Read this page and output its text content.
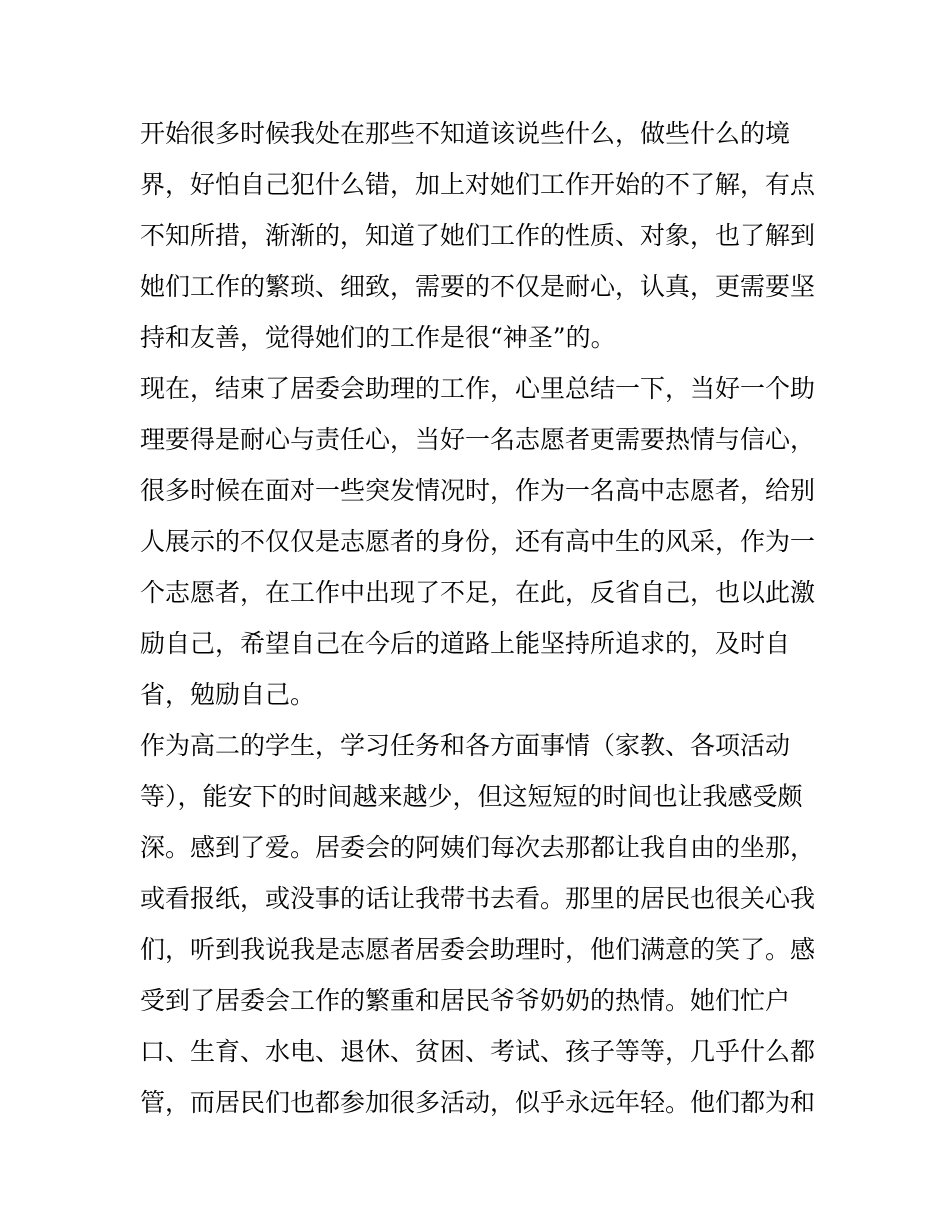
开始很多时候我处在那些不知道该说些什么，做些什么的境
界，好怕自己犯什么错，加上对她们工作开始的不了解，有点
不知所措，渐渐的，知道了她们工作的性质、对象，也了解到
她们工作的繁琐、细致，需要的不仅是耐心，认真，更需要坚
持和友善，觉得她们的工作是很“神圣”的。
现在，结束了居委会助理的工作，心里总结一下，当好一个助
理要得是耐心与责任心，当好一名志愿者更需要热情与信心，
很多时候在面对一些突发情况时，作为一名高中志愿者，给别
人展示的不仅仅是志愿者的身份，还有高中生的风采，作为一
个志愿者，在工作中出现了不足，在此，反省自己，也以此激
励自己，希望自己在今后的道路上能坚持所追求的，及时自
省，勉励自己。
作为高二的学生，学习任务和各方面事情（家教、各项活动
等），能安下的时间越来越少，但这短短的时间也让我感受颇
深。感到了爱。居委会的阿姨们每次去那都让我自由的坐那，
或看报纸，或没事的话让我带书去看。那里的居民也很关心我
们，听到我说我是志愿者居委会助理时，他们满意的笑了。感
受到了居委会工作的繁重和居民爷爷奶奶的热情。她们忙户
口、生育、水电、退休、贫困、考试、孩子等等，几乎什么都
管，而居民们也都参加很多活动，似乎永远年轻。他们都为和
